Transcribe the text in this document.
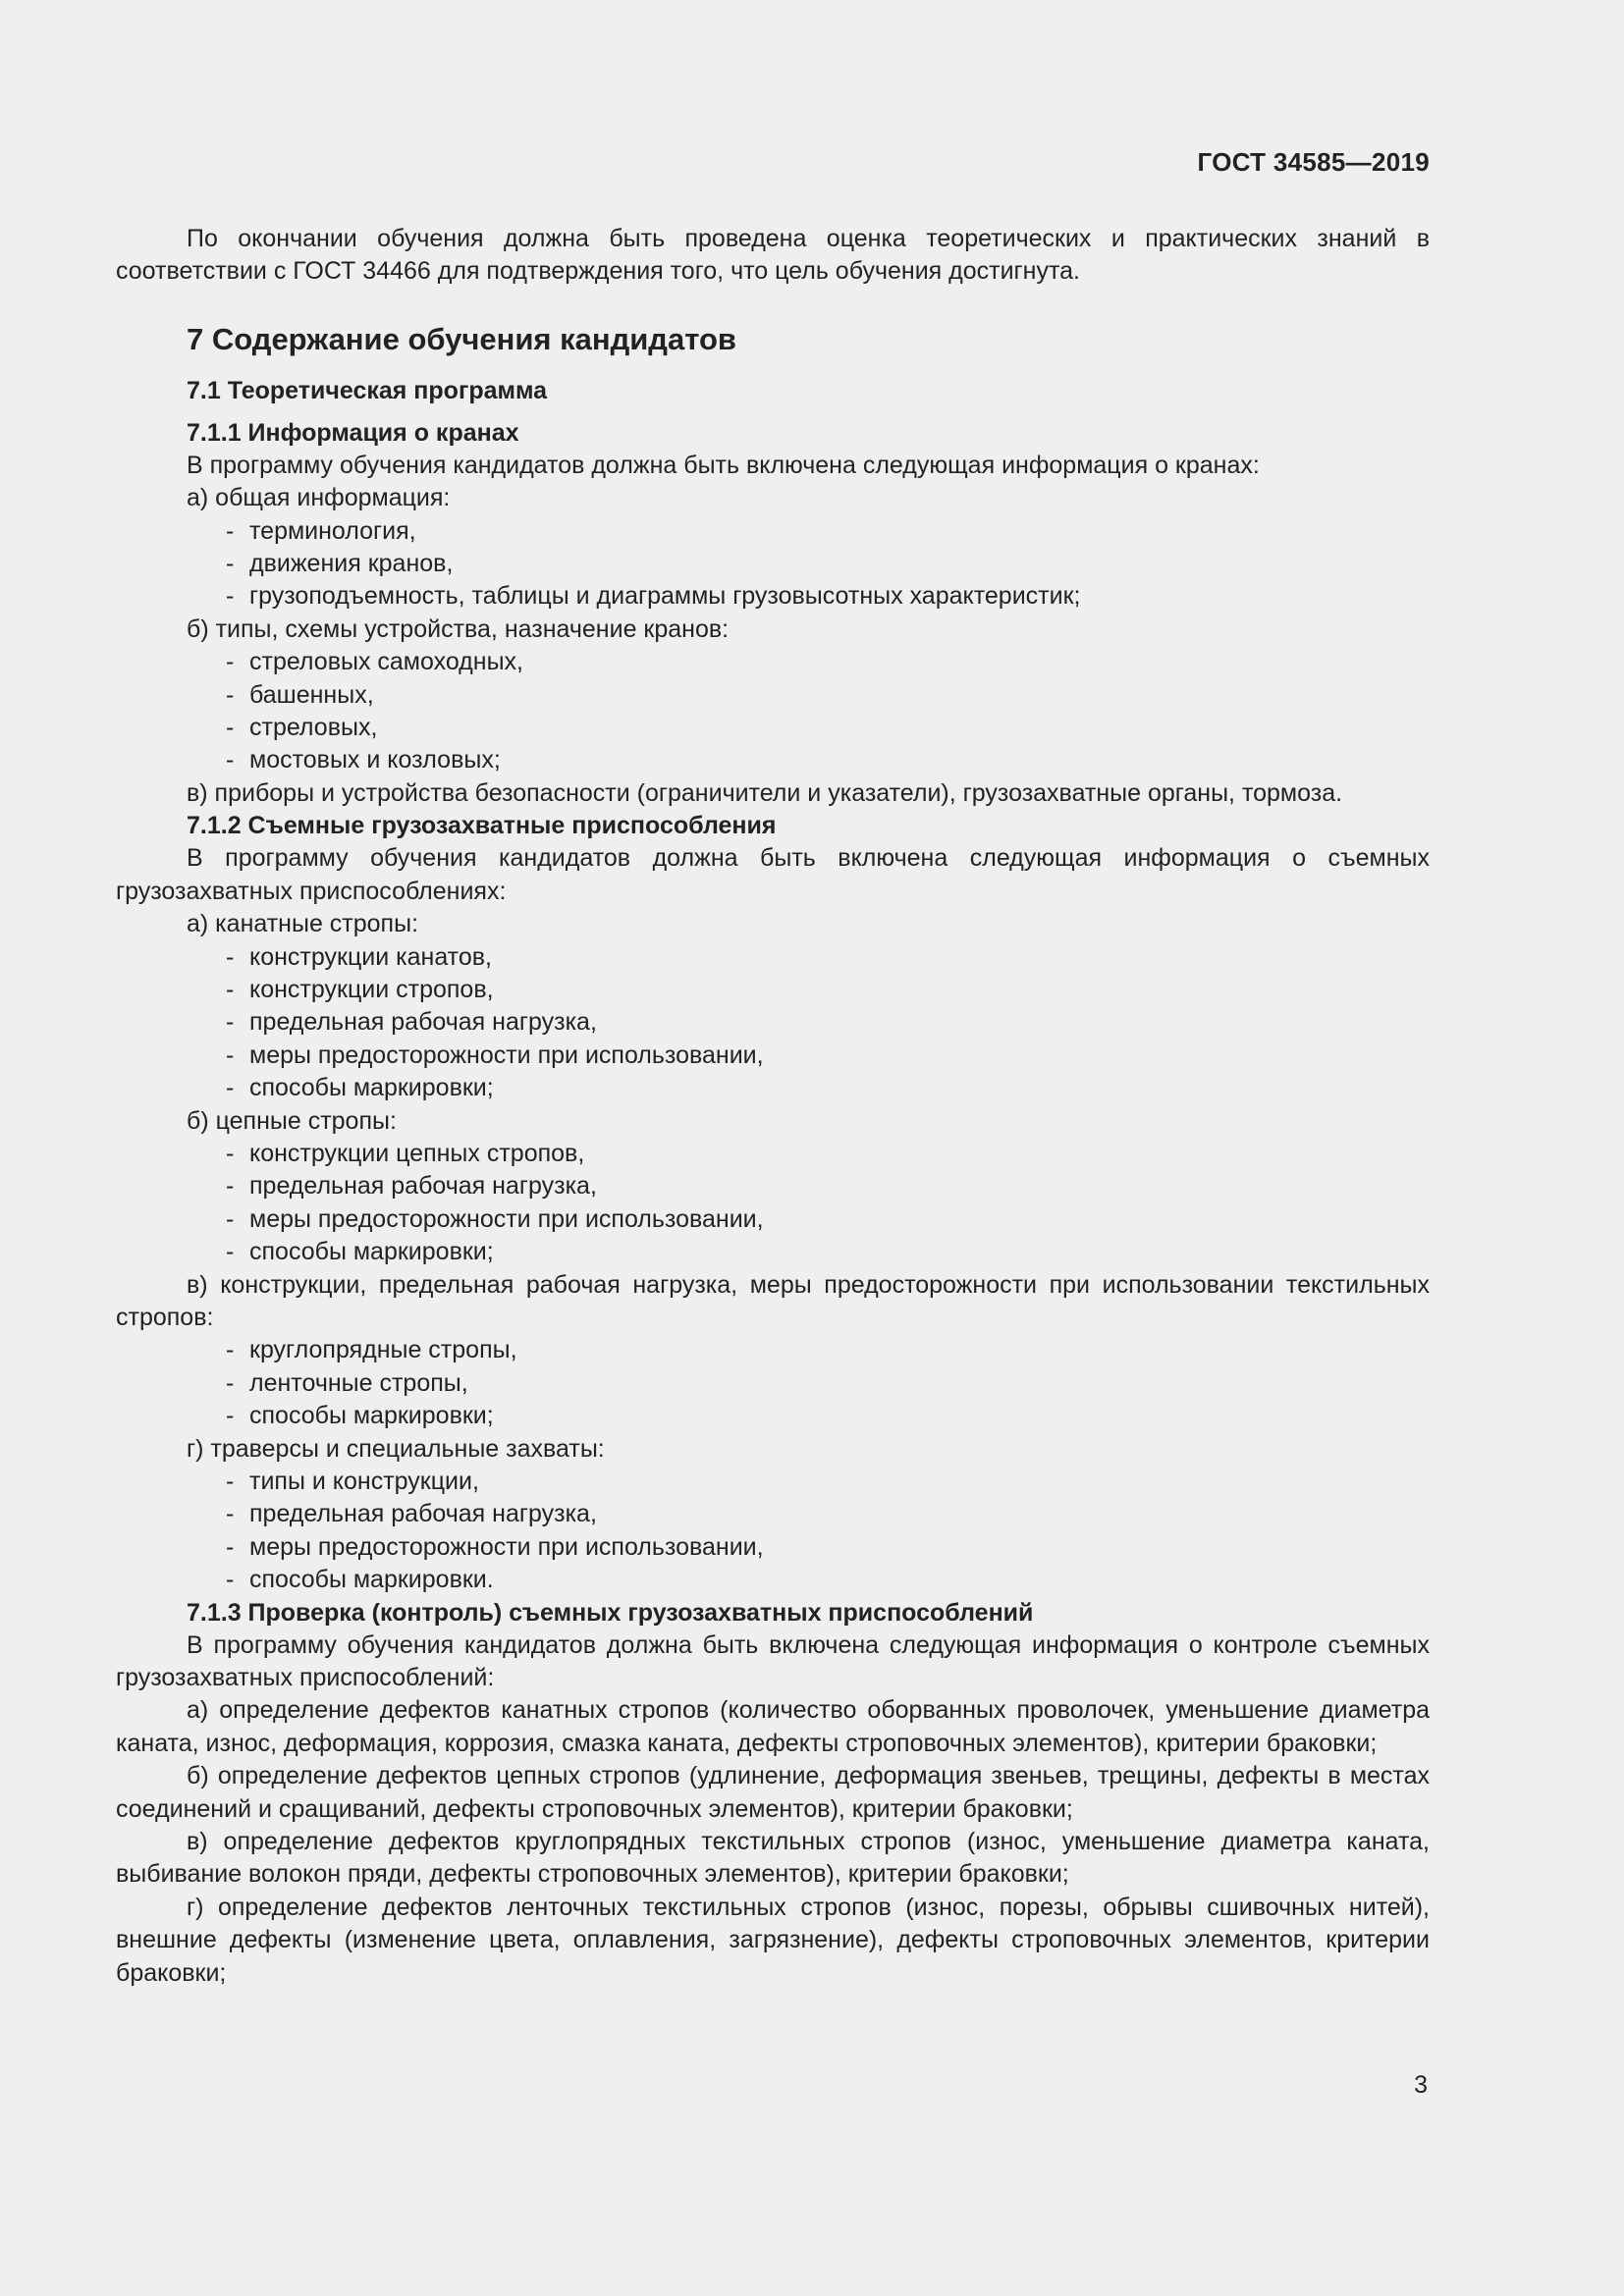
ГОСТ 34585—2019

По окончании обучения должна быть проведена оценка теоретических и практических знаний в соответствии с ГОСТ 34466 для подтверждения того, что цель обучения достигнута.

7 Содержание обучения кандидатов
7.1 Теоретическая программа
7.1.1 Информация о кранах

В программу обучения кандидатов должна быть включена следующая информация о кранах:

а) общая информация:

- терминология,

- движения кранов,

- грузоподъемность, таблицы и диаграммы грузовысотных характеристик;

б) типы, схемы устройства, назначение кранов:

- стреловых самоходных,

- башенных,

- стреловых,

- мостовых и козловых;

в) приборы и устройства безопасности (ограничители и указатели), грузозахватные органы, тормоза.

7.1.2 Съемные грузозахватные приспособления

В программу обучения кандидатов должна быть включена следующая информация о съемных грузозахватных приспособлениях:

а) канатные стропы:

- конструкции канатов,

- конструкции стропов,

- предельная рабочая нагрузка,

- меры предосторожности при использовании,

- способы маркировки;

б) цепные стропы:

- конструкции цепных стропов,

- предельная рабочая нагрузка,

- меры предосторожности при использовании,

- способы маркировки;

в) конструкции, предельная рабочая нагрузка, меры предосторожности при использовании текстильных стропов:

- круглопрядные стропы,

- ленточные стропы,

- способы маркировки;

г) траверсы и специальные захваты:

- типы и конструкции,

- предельная рабочая нагрузка,

- меры предосторожности при использовании,

- способы маркировки.

7.1.3 Проверка (контроль) съемных грузозахватных приспособлений

В программу обучения кандидатов должна быть включена следующая информация о контроле съемных грузозахватных приспособлений:

а) определение дефектов канатных стропов (количество оборванных проволочек, уменьшение диаметра каната, износ, деформация, коррозия, смазка каната, дефекты строповочных элементов), критерии браковки;

б) определение дефектов цепных стропов (удлинение, деформация звеньев, трещины, дефекты в местах соединений и сращиваний, дефекты строповочных элементов), критерии браковки;

в) определение дефектов круглопрядных текстильных стропов (износ, уменьшение диаметра каната, выбивание волокон пряди, дефекты строповочных элементов), критерии браковки;

г) определение дефектов ленточных текстильных стропов (износ, порезы, обрывы сшивочных нитей), внешние дефекты (изменение цвета, оплавления, загрязнение), дефекты строповочных элементов, критерии браковки;

3
